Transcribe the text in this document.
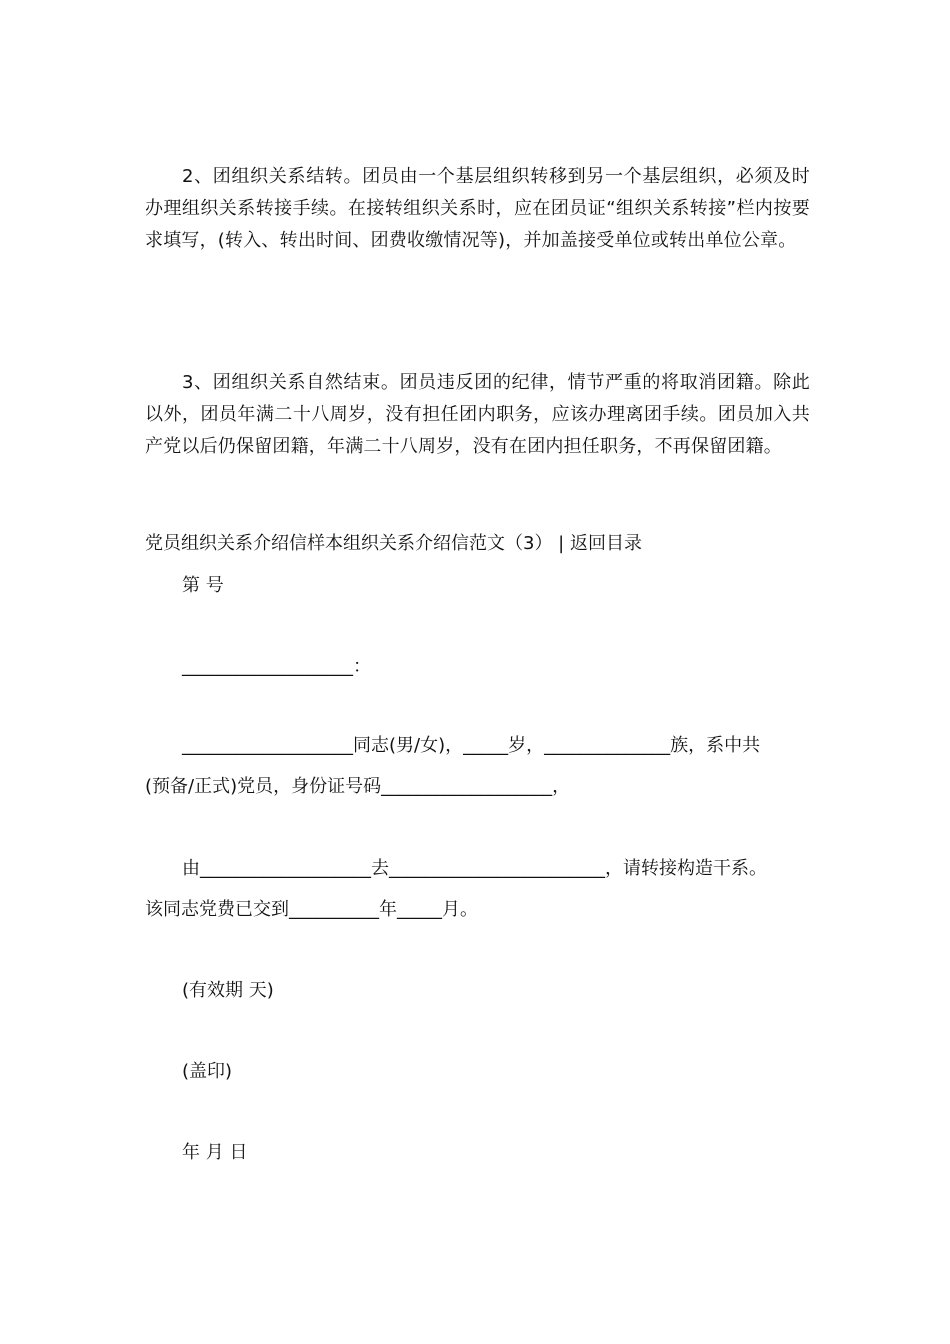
2、团组织关系结转。团员由一个基层组织转移到另一个基层组织，必须及时办理组织关系转接手续。在接转组织关系时，应在团员证“组织关系转接”栏内按要求填写，(转入、转出时间、团费收缴情况等)，并加盖接受单位或转出单位公章。
3、团组织关系自然结束。团员违反团的纪律，情节严重的将取消团籍。除此以外，团员年满二十八周岁，没有担任团内职务，应该办理离团手续。团员加入共产党以后仍保留团籍，年满二十八周岁，没有在团内担任职务，不再保留团籍。
党员组织关系介绍信样本组织关系介绍信范文（3） | 返回目录
第 号
___________________：
___________________同志(男/女)，_____岁，______________族，系中共
(预备/正式)党员，身份证号码___________________，
由___________________去________________________，请转接构造干系。
该同志党费已交到__________年_____月。
(有效期 天)
(盖印)
年 月 日
